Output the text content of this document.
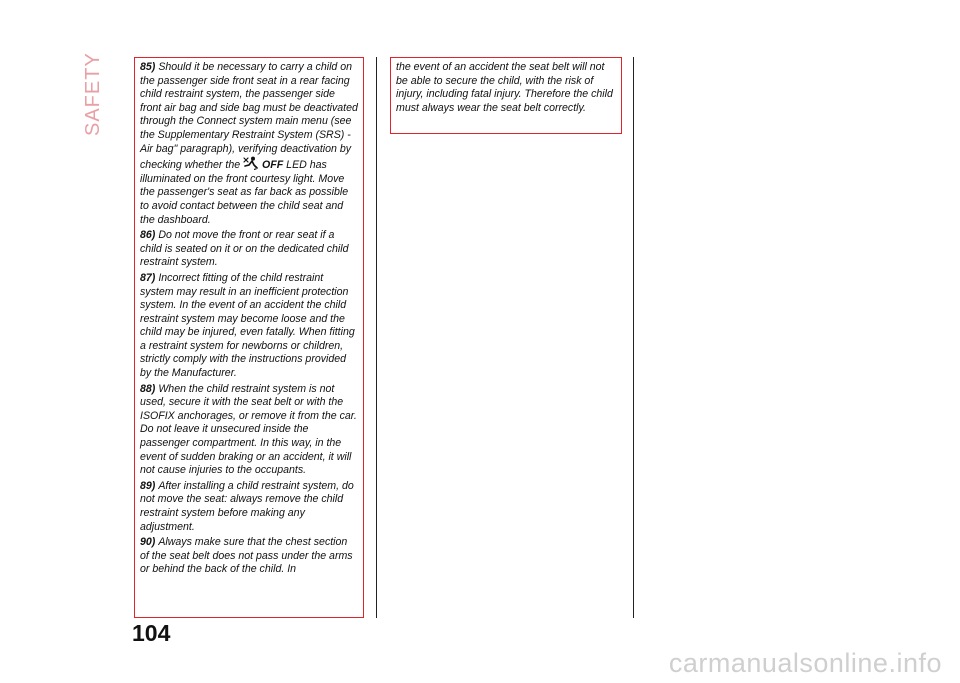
SAFETY	85) Should it be necessary to carry a child on the passenger side front seat in a rear facing child restraint system, the passenger side front air bag and side bag must be deactivated through the Connect system main menu (see the Supplementary Restraint System (SRS) - Air bag" paragraph), verifying deactivation by checking whether the	2 OFF LED has illuminated on the front courtesy light. Move the passenger's seat as far back as possible to avoid contact between the child seat and the dashboard.

86) Do not move the front or rear seat if a child is seated on it or on the dedicated child restraint system.

87) Incorrect fitting of the child restraint system may result in an inefficient protection system. In the event of an accident the child restraint system may become loose and the child may be injured, even fatally. When fitting a restraint system for newborns or children, strictly comply with the instructions provided by the Manufacturer.

88) When the child restraint system is not used, secure it with the seat belt or with the ISOFIX anchorages, or remove it from the car. Do not leave it unsecured inside the passenger compartment. In this way, in the event of sudden braking or an accident, it will not cause injuries to the occupants.

89) After installing a child restraint system, do not move the seat: always remove the child restraint system before making any adjustment.

90) Always make sure that the chest section of the seat belt does not pass under the arms or behind the back of the child. In

the event of an accident the seat belt will not be able to secure the child, with the risk of injury, including fatal injury. Therefore the child must always wear the seat belt correctly.

104
carmanualsonline.info
